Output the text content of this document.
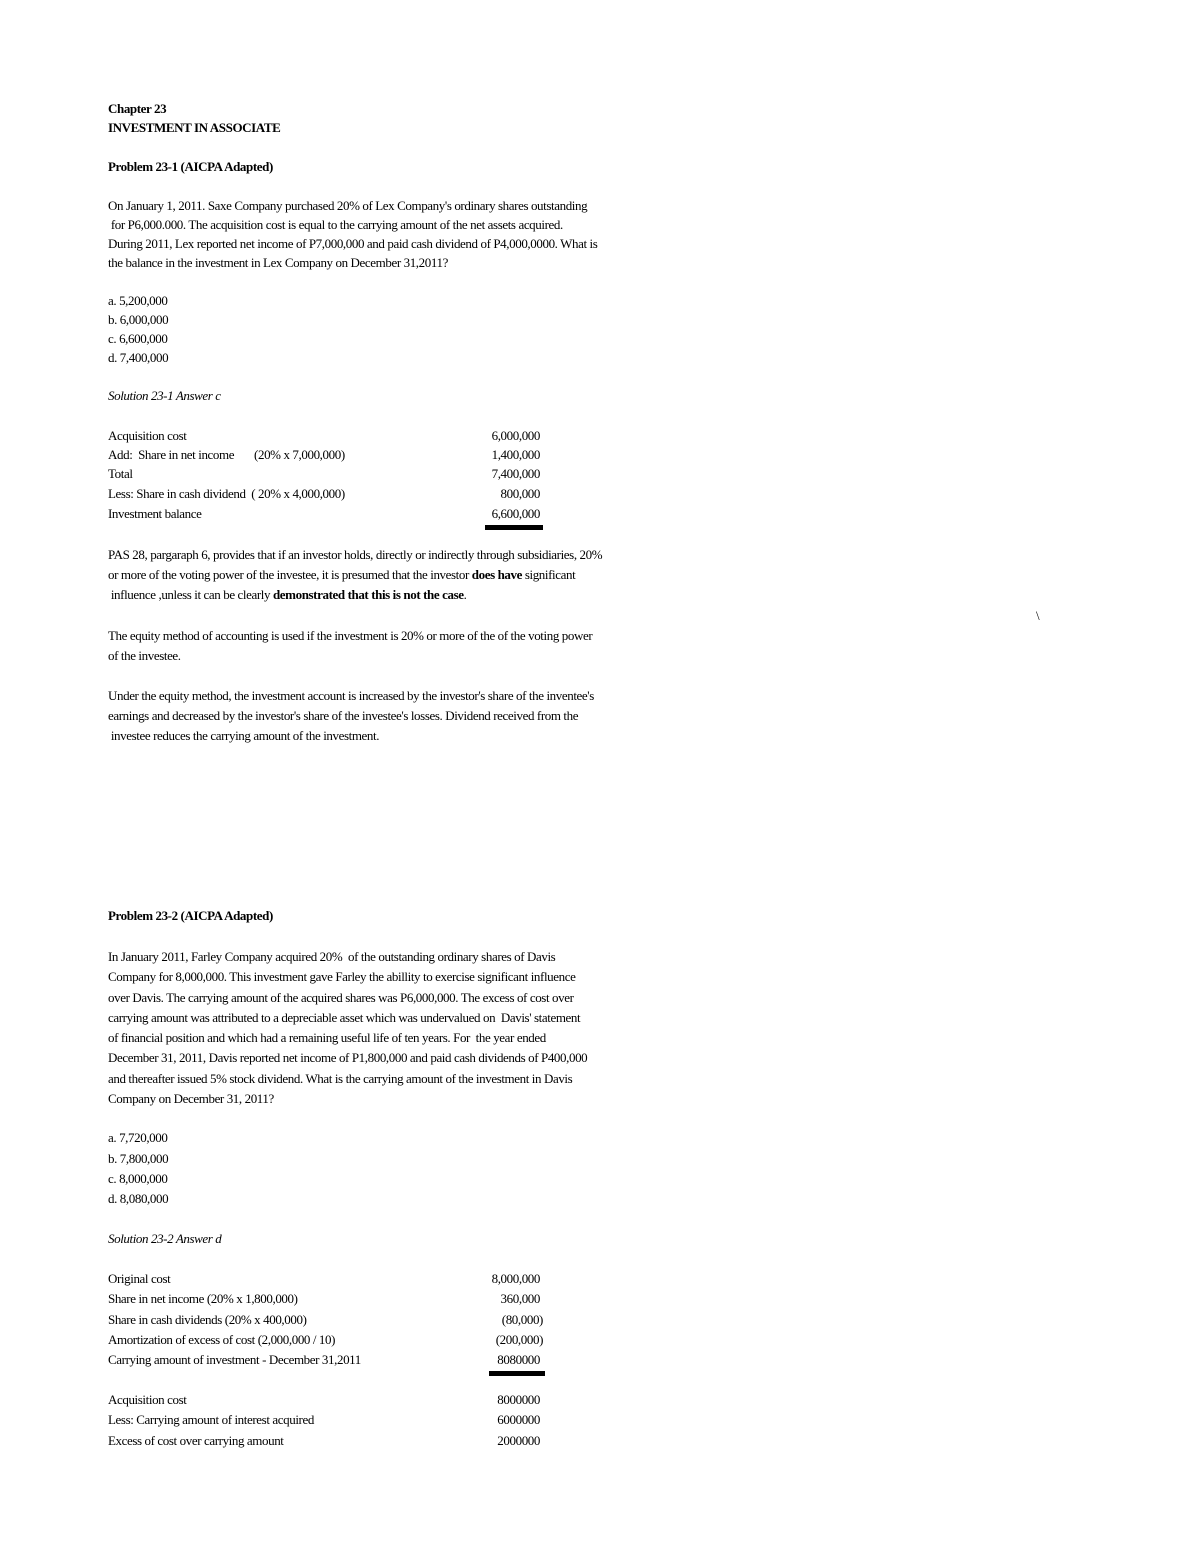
Chapter 23
INVESTMENT IN ASSOCIATE
Problem 23-1 (AICPA Adapted)
On January 1, 2011. Saxe Company purchased 20% of Lex Company's ordinary shares outstanding
for P6,000.000. The acquisition cost is equal to the carrying amount of the net assets acquired.
During 2011, Lex reported net income of P7,000,000 and paid cash dividend of P4,000,0000. What is
the balance in the investment in Lex Company on December 31,2011?
a. 5,200,000
b. 6,000,000
c. 6,600,000
d. 7,400,000
Solution 23-1 Answer c
Acquisition cost	6,000,000
Add:  Share in net income       (20% x 7,000,000)	1,400,000
Total	7,400,000
Less: Share in cash dividend  ( 20% x 4,000,000)	800,000
Investment balance	6,600,000
PAS 28, pargaraph 6, provides that if an investor holds, directly or indirectly through subsidiaries, 20%
or more of the voting power of the investee, it is presumed that the investor does have significant
influence ,unless it can be clearly demonstrated that this is not the case.
\
The equity method of accounting is used if the investment is 20% or more of the of the voting power
of the investee.
Under the equity method, the investment account is increased by the investor's share of the inventee's
earnings and decreased by the investor's share of the investee's losses. Dividend received from the
investee reduces the carrying amount of the investment.
Problem 23-2 (AICPA Adapted)
In January 2011, Farley Company acquired 20%  of the outstanding ordinary shares of Davis
Company for 8,000,000. This investment gave Farley the abillity to exercise significant influence
over Davis. The carrying amount of the acquired shares was P6,000,000. The excess of cost over
carrying amount was attributed to a depreciable asset which was undervalued on  Davis' statement
of financial position and which had a remaining useful life of ten years. For  the year ended
December 31, 2011, Davis reported net income of P1,800,000 and paid cash dividends of P400,000
and thereafter issued 5% stock dividend. What is the carrying amount of the investment in Davis
Company on December 31, 2011?
a. 7,720,000
b. 7,800,000
c. 8,000,000
d. 8,080,000
Solution 23-2 Answer d
Original cost	8,000,000
Share in net income (20% x 1,800,000)	360,000
Share in cash dividends (20% x 400,000)	(80,000)
Amortization of excess of cost (2,000,000 / 10)	(200,000)
Carrying amount of investment - December 31,2011	8080000
Acquisition cost	8000000
Less: Carrying amount of interest acquired	6000000
Excess of cost over carrying amount	2000000
